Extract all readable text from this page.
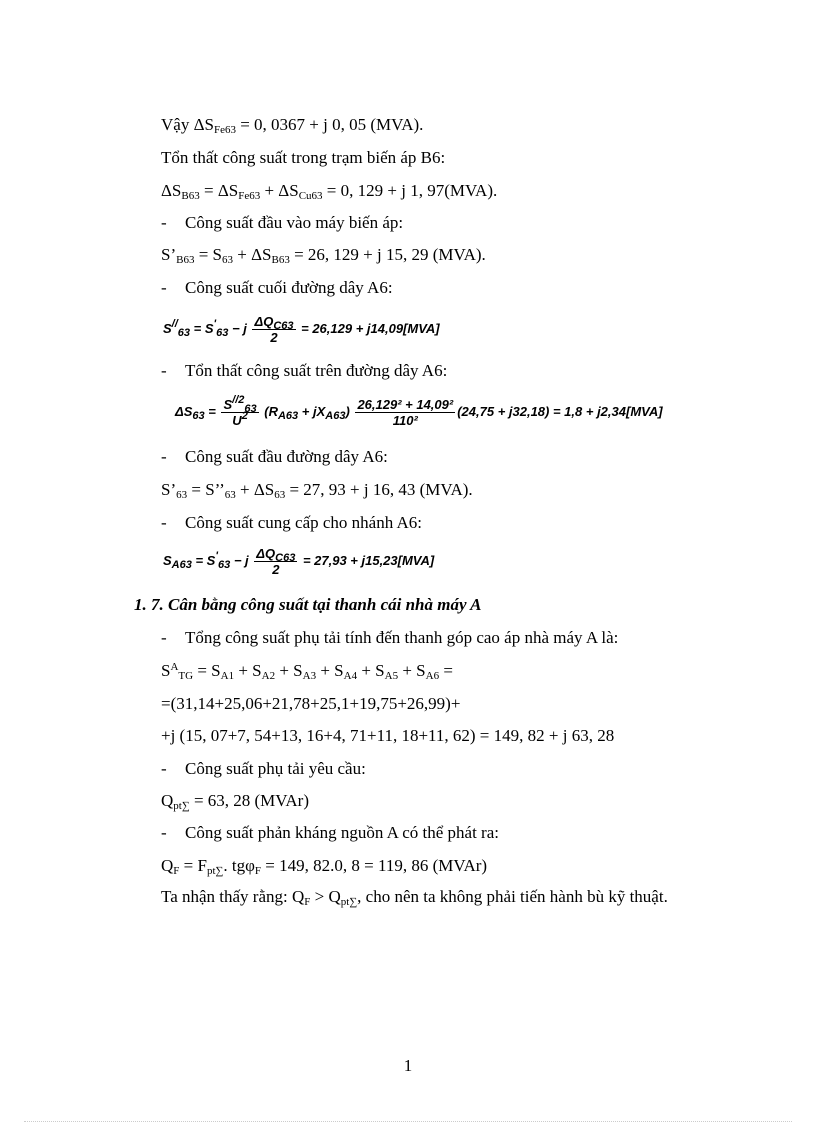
Vậy $\Delta S_{Fe63} = 0$, 0367 + j 0, 05 (MVA).
Tổn thất công suất trong trạm biến áp B6:
$\Delta S_{B63} = \Delta S_{Fe63} + \Delta S_{Cu63} = 0$, 129 + j 1, 97(MVA).
- Công suất đầu vào máy biến áp:
$S’_{B63} = S_{63} + \Delta S_{B63} = 26$, 129 + j 15, 29 (MVA).
- Công suất cuối đường dây A6:
$S^{//}_{63} = S'_{63} - j \frac{\Delta Q_{C63}}{2} = 26,129 + j14,09[MVA]$
- Tổn thất công suất trên đường dây A6:
$\Delta S_{63} = \frac{S^{//2}_{63}}{U^2} (R_{A63} + jX_{A63}) \frac{\text{26,129² + 14,09²}}{\text{110²}} (24,75 + j32,18) = 1,8 + j2,34[MVA]$
- Công suất đầu đường dây A6:
$S’_{63}$ = $S’’_{63} + \Delta S_{63} = 27$, 93 + j 16, 43 (MVA).
- Công suất cung cấp cho nhánh A6:
$S_{A63} = S'_{63} - j \frac{\Delta Q_{C63}}{2} = 27,93 + j15,23[MVA]$
1. 7. Cân bằng công suất tại thanh cái nhà máy A
- Tổng công suất phụ tải tính đến thanh góp cao áp nhà máy A là:
$S^A_{TG} = S_{A1} + S_{A2} + S_{A3} + S_{A4} + S_{A5} + S_{A6}$ =
=(31,14+25,06+21,78+25,1+19,75+26,99)+
+j (15, 07+7, 54+13, 16+4, 71+11, 18+11, 62) = 149, 82 + j 63, 28
- Công suất phụ tải yêu cầu:
$Q_{pt\sum} = 63$, 28 (MVAr)
- Công suất phản kháng nguồn A có thể phát ra:
$Q_F = F_{pt\sum}$. tgφ$_F$ = 149, 82.0, 8 = 119, 86 (MVAr)
Ta nhận thấy rằng: $Q_F > Q_{pt\sum}$, cho nên ta không phải tiến hành bù kỹ thuật.
1
